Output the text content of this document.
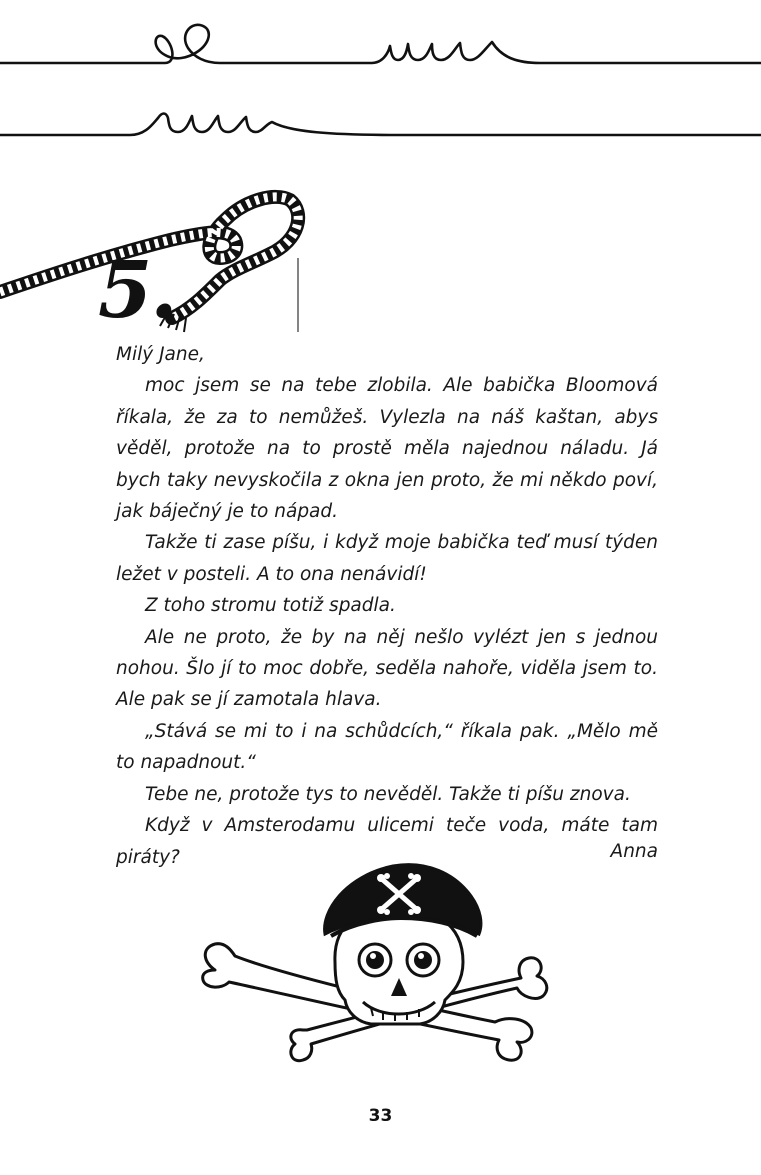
5.

Milý Jane,

moc jsem se na tebe zlobila. Ale babička Bloomová říkala, že za to nemůžeš. Vylezla na náš kaštan, abys věděl, protože na to prostě měla najednou náladu. Já bych taky nevyskočila z okna jen proto, že mi někdo poví, jak báječný je to nápad.

Takže ti zase píšu, i když moje babička teď musí týden ležet v posteli. A to ona nenávidí!

Z toho stromu totiž spadla.

Ale ne proto, že by na něj nešlo vylézt jen s jednou nohou. Šlo jí to moc dobře, seděla nahoře, viděla jsem to. Ale pak se jí zamotala hlava.

„Stává se mi to i na schůdcích,“ říkala pak. „Mělo mě to napadnout.“

Tebe ne, protože tys to nevěděl. Takže ti píšu znova.

Když v Amsterodamu ulicemi teče voda, máte tam piráty?	Anna
33
